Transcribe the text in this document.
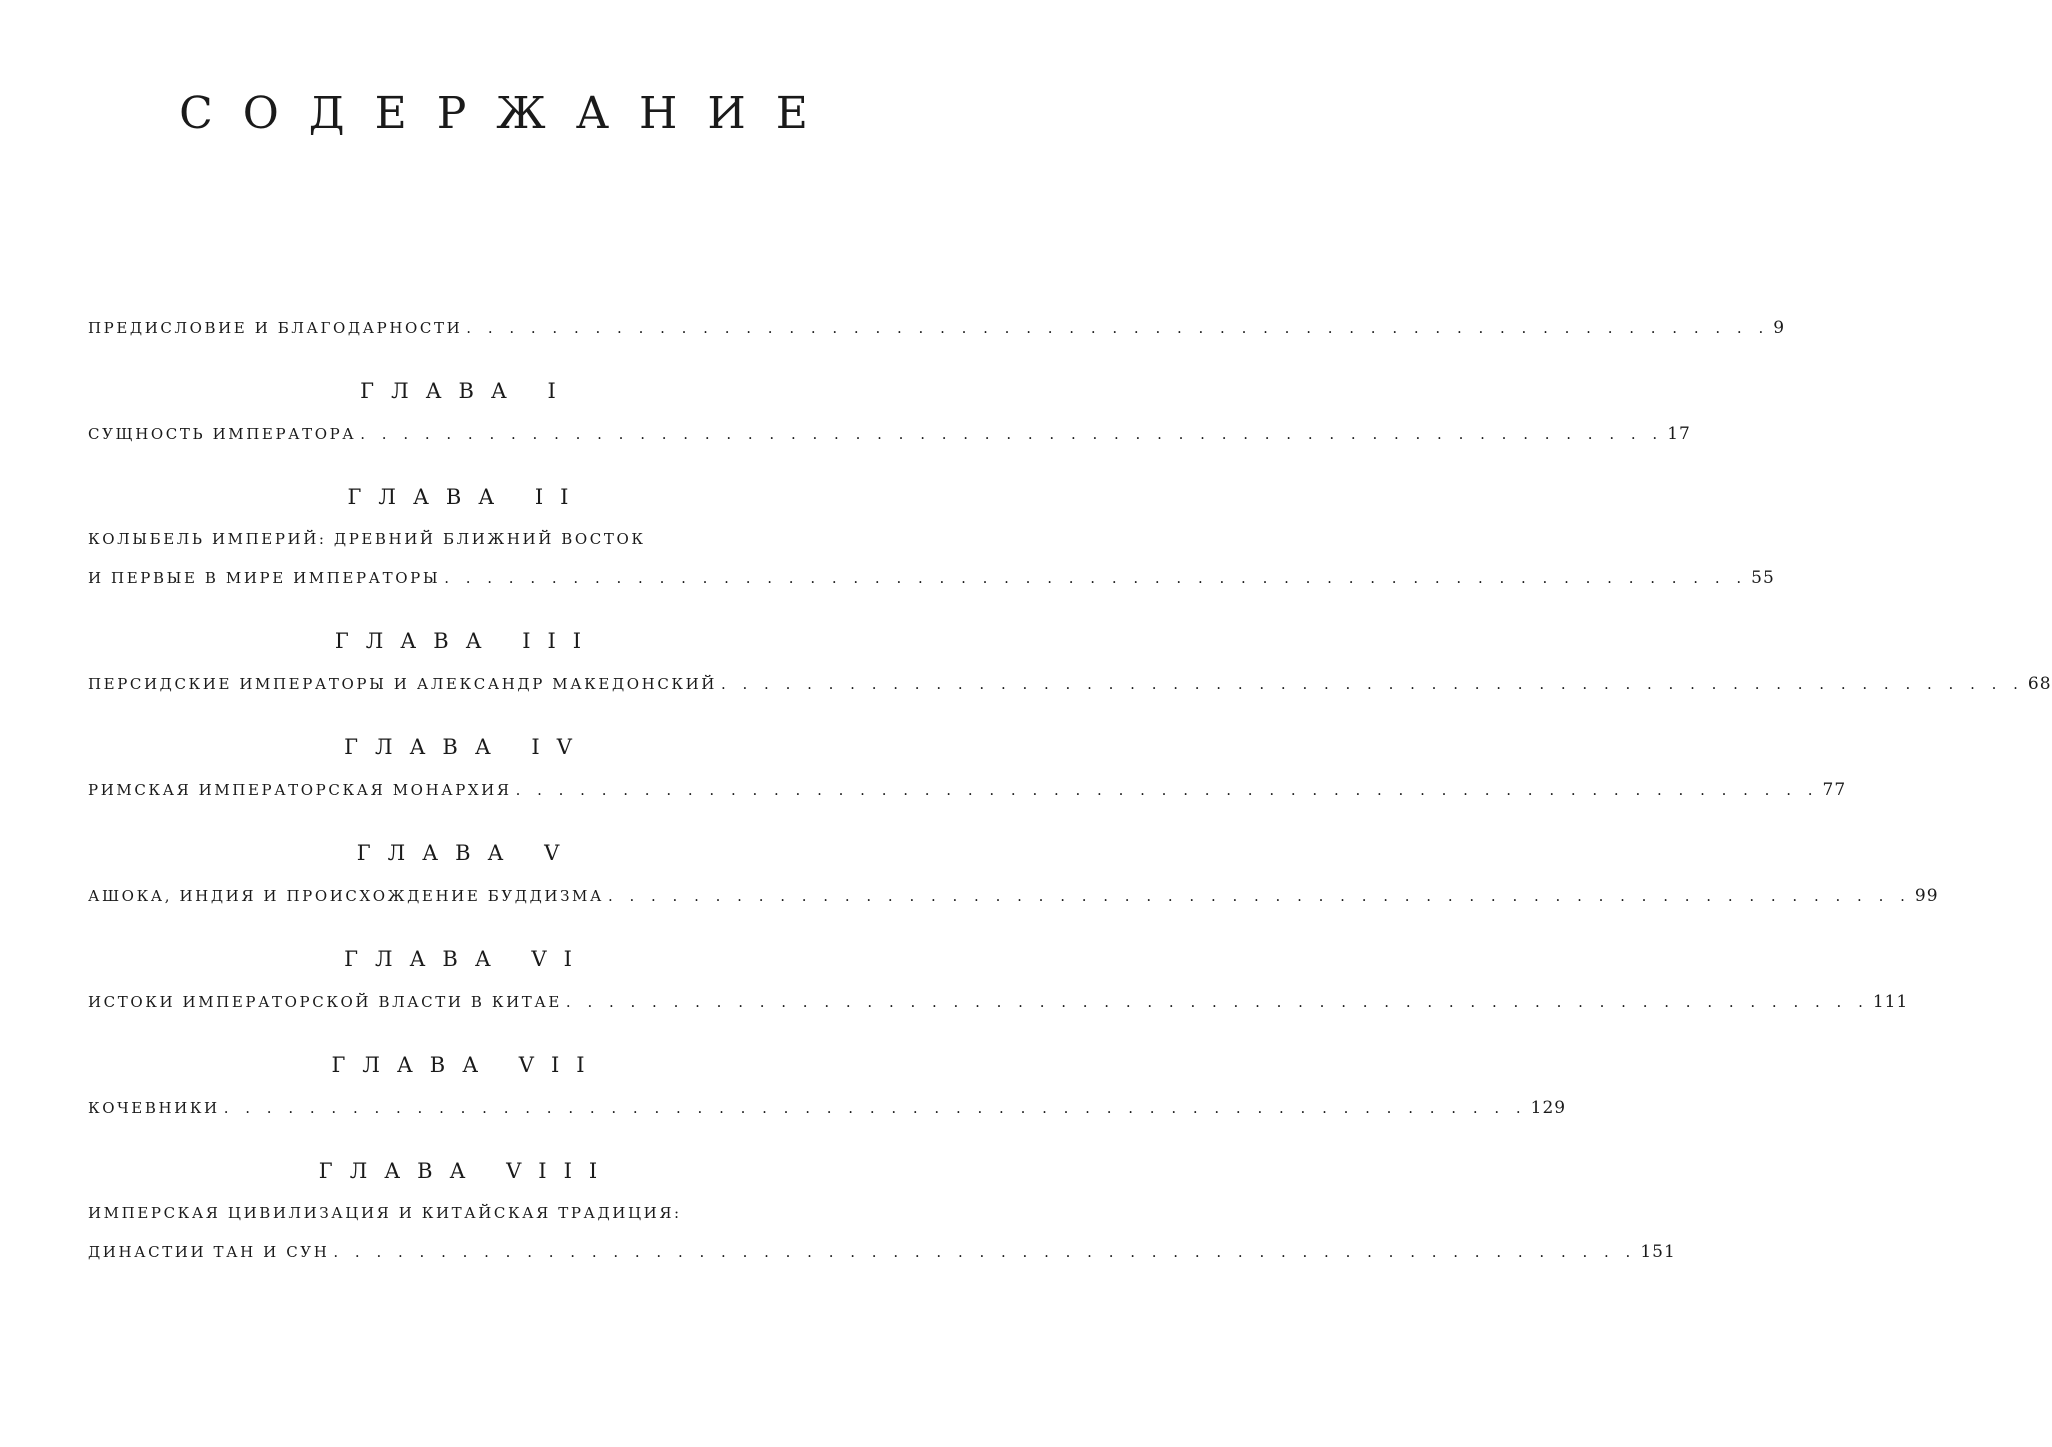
СОДЕРЖАНИЕ
ПРЕДИСЛОВИЕ И БЛАГОДАРНОСТИ . . . . . . . . . . . . . . . . . . . . . . . . . . . . . . . . . . . . . . . . . . . . . . . . . . . . . . . . . . . . . 9
ГЛАВА I
СУЩНОСТЬ ИМПЕРАТОРА . . . . . . . . . . . . . . . . . . . . . . . . . . . . . . . . . . . . . . . . . . . . . . . . . . . . . . . . . . . . . 17
ГЛАВА II
КОЛЫБЕЛЬ ИМПЕРИЙ: ДРЕВНИЙ БЛИЖНИЙ ВОСТОК
И ПЕРВЫЕ В МИРЕ ИМПЕРАТОРЫ . . . . . . . . . . . . . . . . . . . . . . . . . . . . . . . . . . . . . . . . . . . . . . . . . . . . . . . . . . . . . 55
ГЛАВА III
ПЕРСИДСКИЕ ИМПЕРАТОРЫ И АЛЕКСАНДР МАКЕДОНСКИЙ . . . . . . . . . . . . . . . . . . . . . . . . . . . . . . . . . . . . . . . . . . . . . . . . . . . . . . . . . . . . . 68
ГЛАВА IV
РИМСКАЯ ИМПЕРАТОРСКАЯ МОНАРХИЯ . . . . . . . . . . . . . . . . . . . . . . . . . . . . . . . . . . . . . . . . . . . . . . . . . . . . . . . . . . . . . 77
ГЛАВА V
АШОКА, ИНДИЯ И ПРОИСХОЖДЕНИЕ БУДДИЗМА . . . . . . . . . . . . . . . . . . . . . . . . . . . . . . . . . . . . . . . . . . . . . . . . . . . . . . . . . . . . . 99
ГЛАВА VI
ИСТОКИ ИМПЕРАТОРСКОЙ ВЛАСТИ В КИТАЕ . . . . . . . . . . . . . . . . . . . . . . . . . . . . . . . . . . . . . . . . . . . . . . . . . . . . . . . . . . . . . 111
ГЛАВА VII
КОЧЕВНИКИ . . . . . . . . . . . . . . . . . . . . . . . . . . . . . . . . . . . . . . . . . . . . . . . . . . . . . . . . . . . . . 129
ГЛАВА VIII
ИМПЕРСКАЯ ЦИВИЛИЗАЦИЯ И КИТАЙСКАЯ ТРАДИЦИЯ:
ДИНАСТИИ ТАН И СУН . . . . . . . . . . . . . . . . . . . . . . . . . . . . . . . . . . . . . . . . . . . . . . . . . . . . . . . . . . . . . 151
